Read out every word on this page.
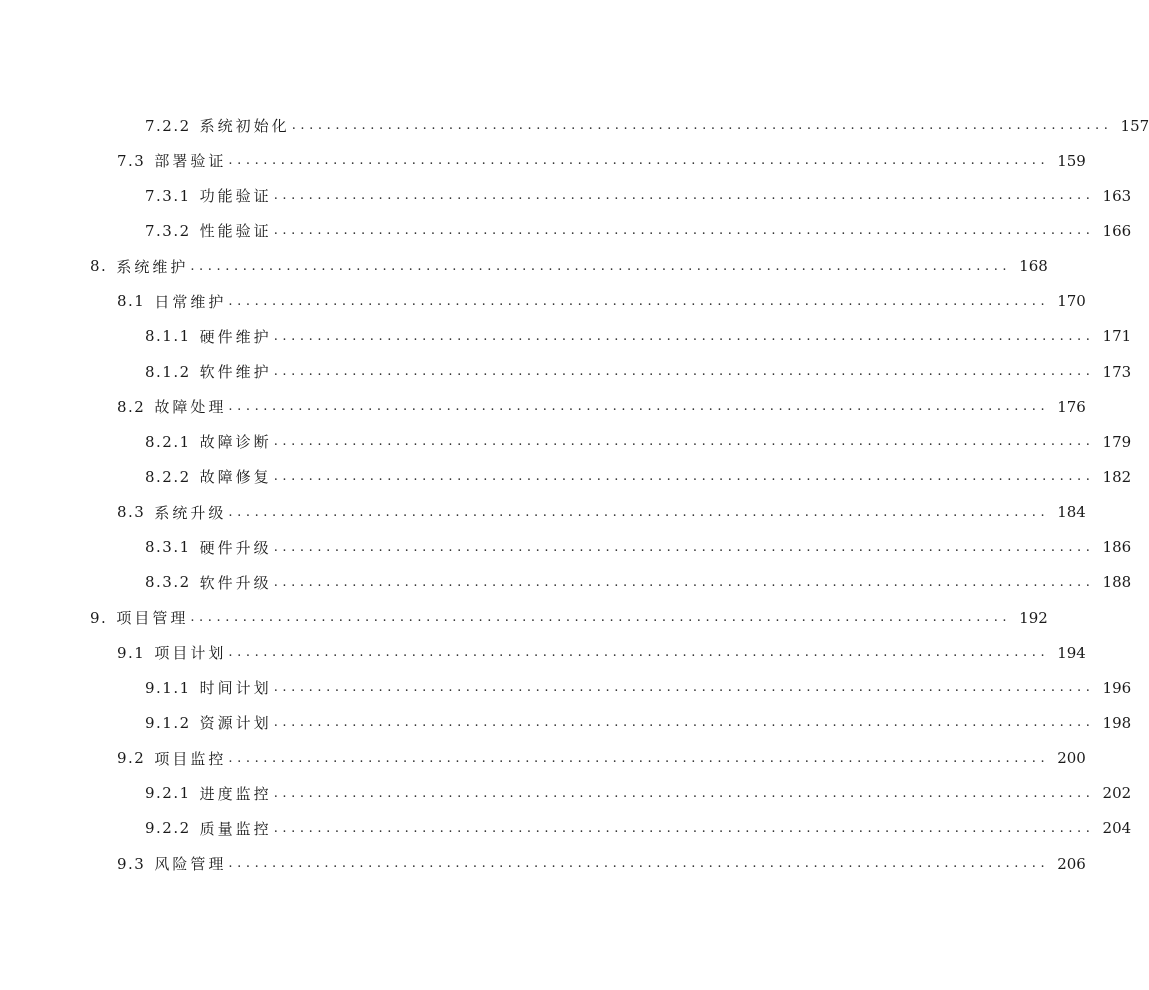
7.2.2 系统初始化 .............................................................................................. 157
7.3 部署验证 .............................................................................................. 159
7.3.1 功能验证 .............................................................................................. 163
7.3.2 性能验证 .............................................................................................. 166
8. 系统维护 .............................................................................................. 168
8.1 日常维护 .............................................................................................. 170
8.1.1 硬件维护 .............................................................................................. 171
8.1.2 软件维护 .............................................................................................. 173
8.2 故障处理 .............................................................................................. 176
8.2.1 故障诊断 .............................................................................................. 179
8.2.2 故障修复 .............................................................................................. 182
8.3 系统升级 .............................................................................................. 184
8.3.1 硬件升级 .............................................................................................. 186
8.3.2 软件升级 .............................................................................................. 188
9. 项目管理 .............................................................................................. 192
9.1 项目计划 .............................................................................................. 194
9.1.1 时间计划 .............................................................................................. 196
9.1.2 资源计划 .............................................................................................. 198
9.2 项目监控 .............................................................................................. 200
9.2.1 进度监控 .............................................................................................. 202
9.2.2 质量监控 .............................................................................................. 204
9.3 风险管理 .............................................................................................. 206
